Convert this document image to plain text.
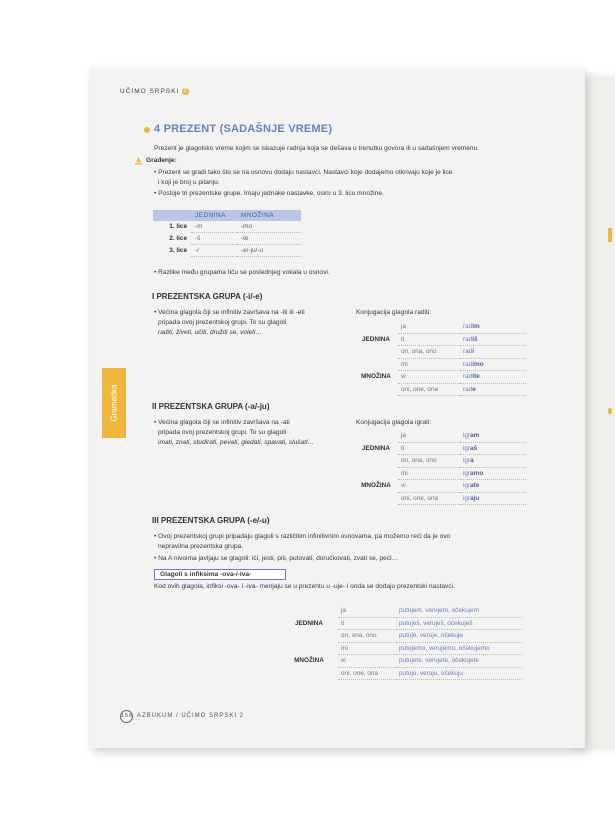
UČIMO SRPSKI 2
4 PREZENT (SADAŠNJE VREME)
Prezent je glagolsko vreme kojim se iskazuje radnja koja se dešava u trenutku govora ili u sadašnjem vremenu.
Građenje:
• Prezent se gradi tako što se na osnovu dodaju nastavci. Nastavci koje dodajemo otkrivaju koje je lice
i koji je broj u pitanju.
• Postoje tri prezentske grupe. Imaju jednake nastavke, osim u 3. licu množine.
	JEDNINA	MNOŽINA
1. lice	-m	-mo
2. lice	-š	-te
3. lice	-/	-e/-ju/-u
• Razlike među grupama tiču se poslednjeg vokala u osnovi.
I PREZENTSKA GRUPA (-i/-e)
• Većina glagola čiji se infinitiv završava na -iti ili -eti
pripada ovoj prezentskoj grupi. To su glagoli
raditi, živeti, učiti, družiti se, voleti…
Konjugacija glagola raditi:
	ja	radim
JEDNINA	ti	radiš
	on, ona, ono	radi
	mi	radimo
MNOŽINA	vi	radite
	oni, one, ona	rade
Gramatika	II PREZENTSKA GRUPA (-a/-ju)
• Većina glagola čiji se infinitiv završava na -ati
pripada ovoj prezentskoj grupi. To su glagoli
imati, znati, studirati, pevati, gledati, spavati, slušati…
Konjugacija glagola igrati:
	ja	igram
JEDNINA	ti	igraš
	on, ona, ono	igra
	mi	igramo
MNOŽINA	vi	igrate
	oni, one, ona	igraju
III PREZENTSKA GRUPA (-e/-u)
• Ovoj prezentskoj grupi pripadaju glagoli s različitim infinitivnim osnovama, pa možemo reći da je ovo
nepravilna prezentska grupa.
• Na A nivoima javljaju se glagoli: ići, jesti, piti, putovati, doručkovati, zvati se, peći…
Glagoli s infiksima -ova-/-iva-
Kod ovih glagola, infiksi -ova- i -iva- menjaju se u prezentu u -uje- i onda se dodaju prezentski nastavci.
	ja	putujem, verujem, očekujem
JEDNINA	ti	putuješ, veruješ, očekuješ
	on, ona, ono	putuje, veruje, očekuje
	mi	putujemo, verujemo, očekujemo
MNOŽINA	vi	putujete, verujete, očekujete
	oni, one, ona	putuju, veruju, očekuju
158 AZBUKUM / UČIMO SRPSKI 2
